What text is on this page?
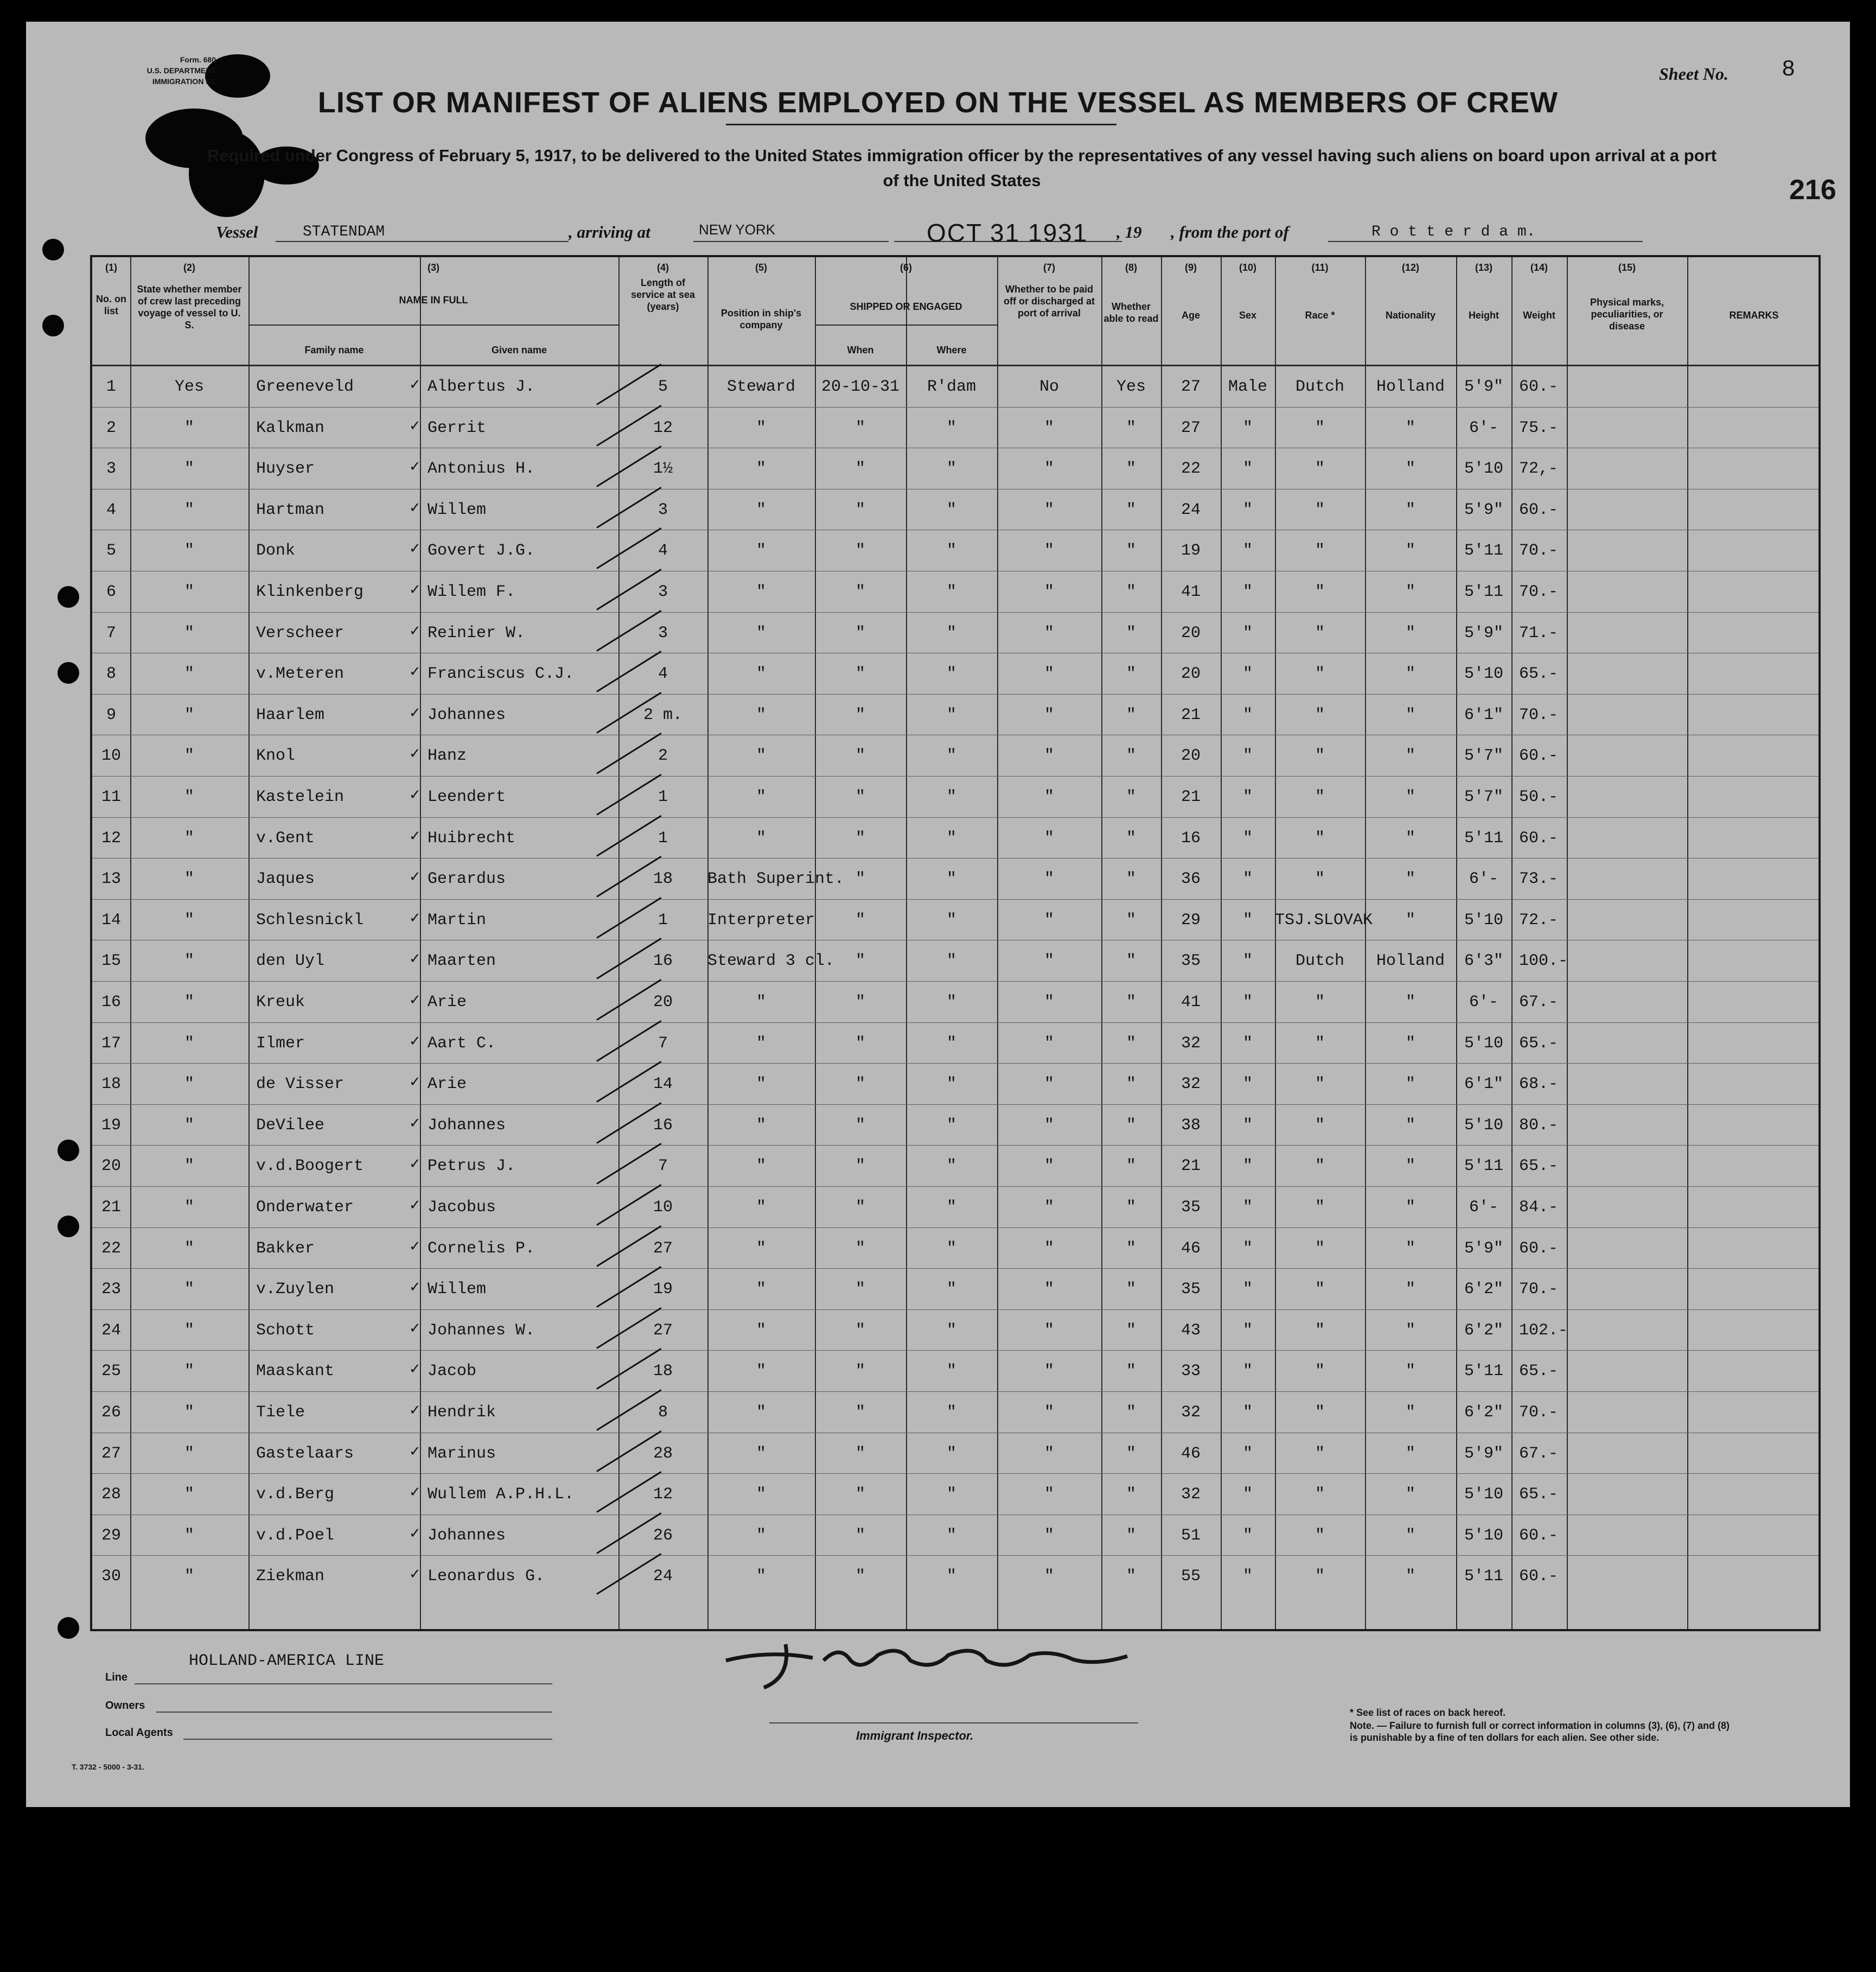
Form. 680
U.S. DEPARTMENT
IMMIGRATION SE
LIST OR MANIFEST OF ALIENS EMPLOYED ON THE VESSEL AS MEMBERS OF CREW
Sheet No. 8
Required under Congress of February 5, 1917, to be delivered to the United States immigration officer by the representatives of any vessel having such aliens on board upon arrival at a port
of the United States	216
Vessel	STATENDAM	, arriving at	NEW YORK	OCT 31 1931 , 19 , from the port of	R o t t e r d a m.
(1)
No. on list
(2)
State whether member of crew last preceding voyage of vessel to U. S.
(3)
NAME IN FULL
Family name	Given name
(4)
Length of service at sea (years)
(5)
Position in ship's company
(6)
SHIPPED OR ENGAGED
When	Where
(7)
Whether to be paid off or discharged at port of arrival
(8)
Whether able to read
(9)
Age
(10)
Sex
(11)
Race *
(12)
Nationality
(13)
Height
(14)
Weight
(15)
Physical marks, peculiarities, or disease
REMARKS
1	Yes	Greeneveld	Albertus J.	5	Steward	20-10-31	R'dam	No	Yes	27	Male	Dutch	Holland	5'9" 60.-
✓
2	"	Kalkman	Gerrit	12	"	"	"	"	"	27	"	"	"	6'-	75.-
✓
3	"	Huyser	Antonius H.	1½	"	"	"	"	"	22	"	"	"	5'10 72,-
✓
4	"	Hartman	Willem	3	"	"	"	"	"	24	"	"	"	5'9" 60.-
✓
5	"	Donk	Govert J.G.	4	"	"	"	"	"	19	"	"	"	5'11 70.-
✓
6	"	Klinkenberg	Willem F.	3	"	"	"	"	"	41	"	"	"	5'11 70.-
✓
7	"	Verscheer	Reinier W.	3	"	"	"	"	"	20	"	"	"	5'9" 71.-
✓
8	"	v.Meteren	Franciscus C.J.	4	"	"	"	"	"	20	"	"	"	5'10 65.-
✓
9	"	Haarlem	Johannes	2 m.	"	"	"	"	"	21	"	"	"	6'1" 70.-
✓
10	"	Knol	Hanz	2	"	"	"	"	"	20	"	"	"	5'7" 60.-
✓
11	"	Kastelein	Leendert	1	"	"	"	"	"	21	"	"	"	5'7" 50.-
✓
12	"	v.Gent	Huibrecht	1	"	"	"	"	"	16	"	"	"	5'11 60.-
✓
13	"	Jaques	Gerardus	18	Bath Superint. "	"	"	"	36	"	"	"	6'-	73.-
✓
14	"	Schlesnickl	Martin	1	Interpreter	"	"	"	"	29	"	TSJ.SLOVAK	"	5'10 72.-
✓
15	"	den Uyl	Maarten	16	Steward 3 cl.	"	"	"	"	35	"	Dutch	Holland	6'3" 100.-
✓
16	"	Kreuk	Arie	20	"	"	"	"	"	41	"	"	"	6'-	67.-
✓
17	"	Ilmer	Aart C.	7	"	"	"	"	"	32	"	"	"	5'10 65.-
✓
18	"	de Visser	Arie	14	"	"	"	"	"	32	"	"	"	6'1" 68.-
✓
19	"	DeVilee	Johannes	16	"	"	"	"	"	38	"	"	"	5'10 80.-
✓
20	"	v.d.Boogert	Petrus J.	7	"	"	"	"	"	21	"	"	"	5'11 65.-
✓
21	"	Onderwater	Jacobus	10	"	"	"	"	"	35	"	"	"	6'-	84.-
✓
22	"	Bakker	Cornelis P.	27	"	"	"	"	"	46	"	"	"	5'9" 60.-
✓
23	"	v.Zuylen	Willem	19	"	"	"	"	"	35	"	"	"	6'2" 70.-
✓
24	"	Schott	Johannes W.	27	"	"	"	"	"	43	"	"	"	6'2" 102.-
✓
25	"	Maaskant	Jacob	18	"	"	"	"	"	33	"	"	"	5'11 65.-
✓
26	"	Tiele	Hendrik	8	"	"	"	"	"	32	"	"	"	6'2" 70.-
✓
27	"	Gastelaars	Marinus	28	"	"	"	"	"	46	"	"	"	5'9" 67.-
✓
28	"	v.d.Berg	Wullem A.P.H.L.	12	"	"	"	"	"	32	"	"	"	5'10 65.-
✓
29	"	v.d.Poel	Johannes	26	"	"	"	"	"	51	"	"	"	5'10 60.-
✓
30	"	Ziekman	Leonardus G.	24	"	"	"	"	"	55	"	"	"	5'11 60.-
✓
HOLLAND-AMERICA LINE
Line
Owners
Local Agents	Immigrant Inspector.
* See list of races on back hereof.
Note. — Failure to furnish full or correct information in columns (3), (6), (7) and (8)
is punishable by a fine of ten dollars for each alien. See other side.
T. 3732 - 5000 - 3-31.
